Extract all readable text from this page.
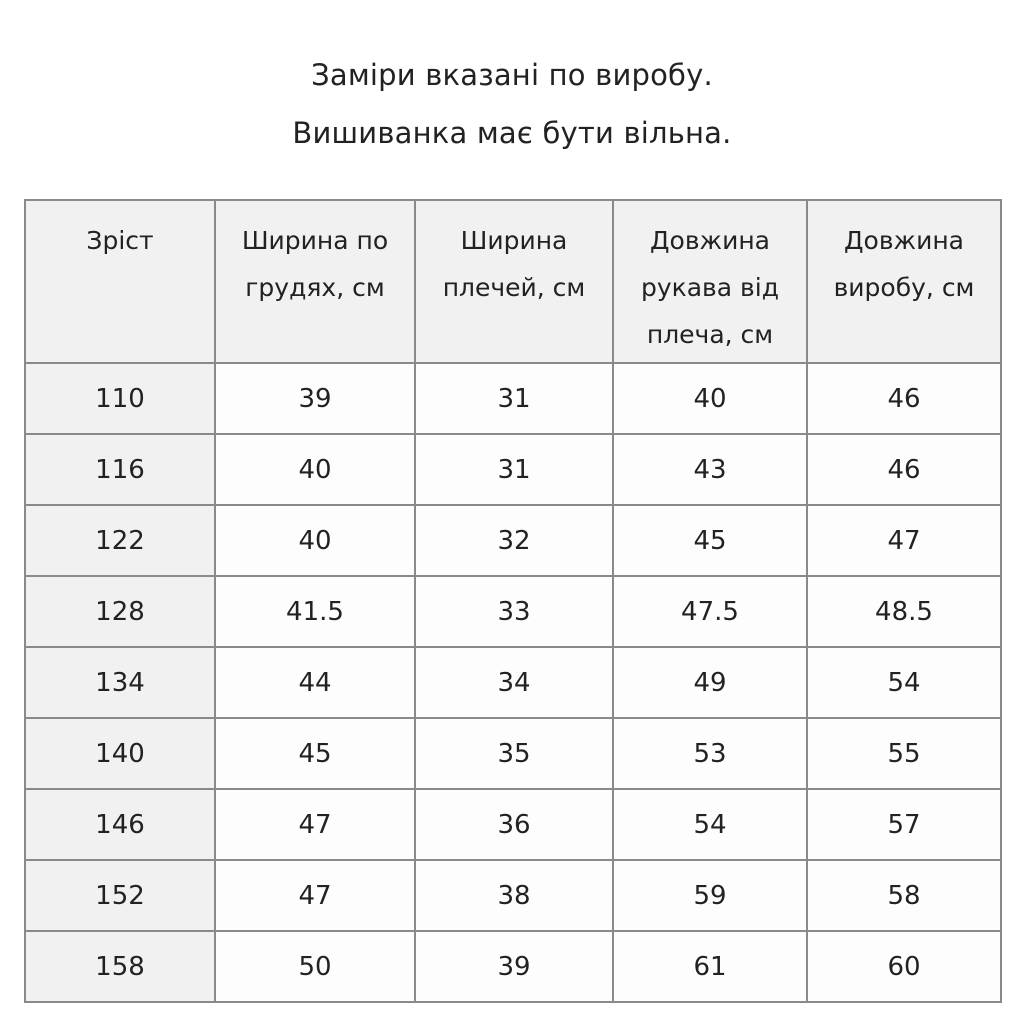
Заміри вказані по виробу.

Вишиванка має бути вільна.

Зріст	Ширина по грудях, см	Ширина плечей, см	Довжина рукава від плеча, см	Довжина виробу, см
110	39	31	40	46
116	40	31	43	46
122	40	32	45	47
128	41.5	33	47.5	48.5
134	44	34	49	54
140	45	35	53	55
146	47	36	54	57
152	47	38	59	58
158	50	39	61	60
